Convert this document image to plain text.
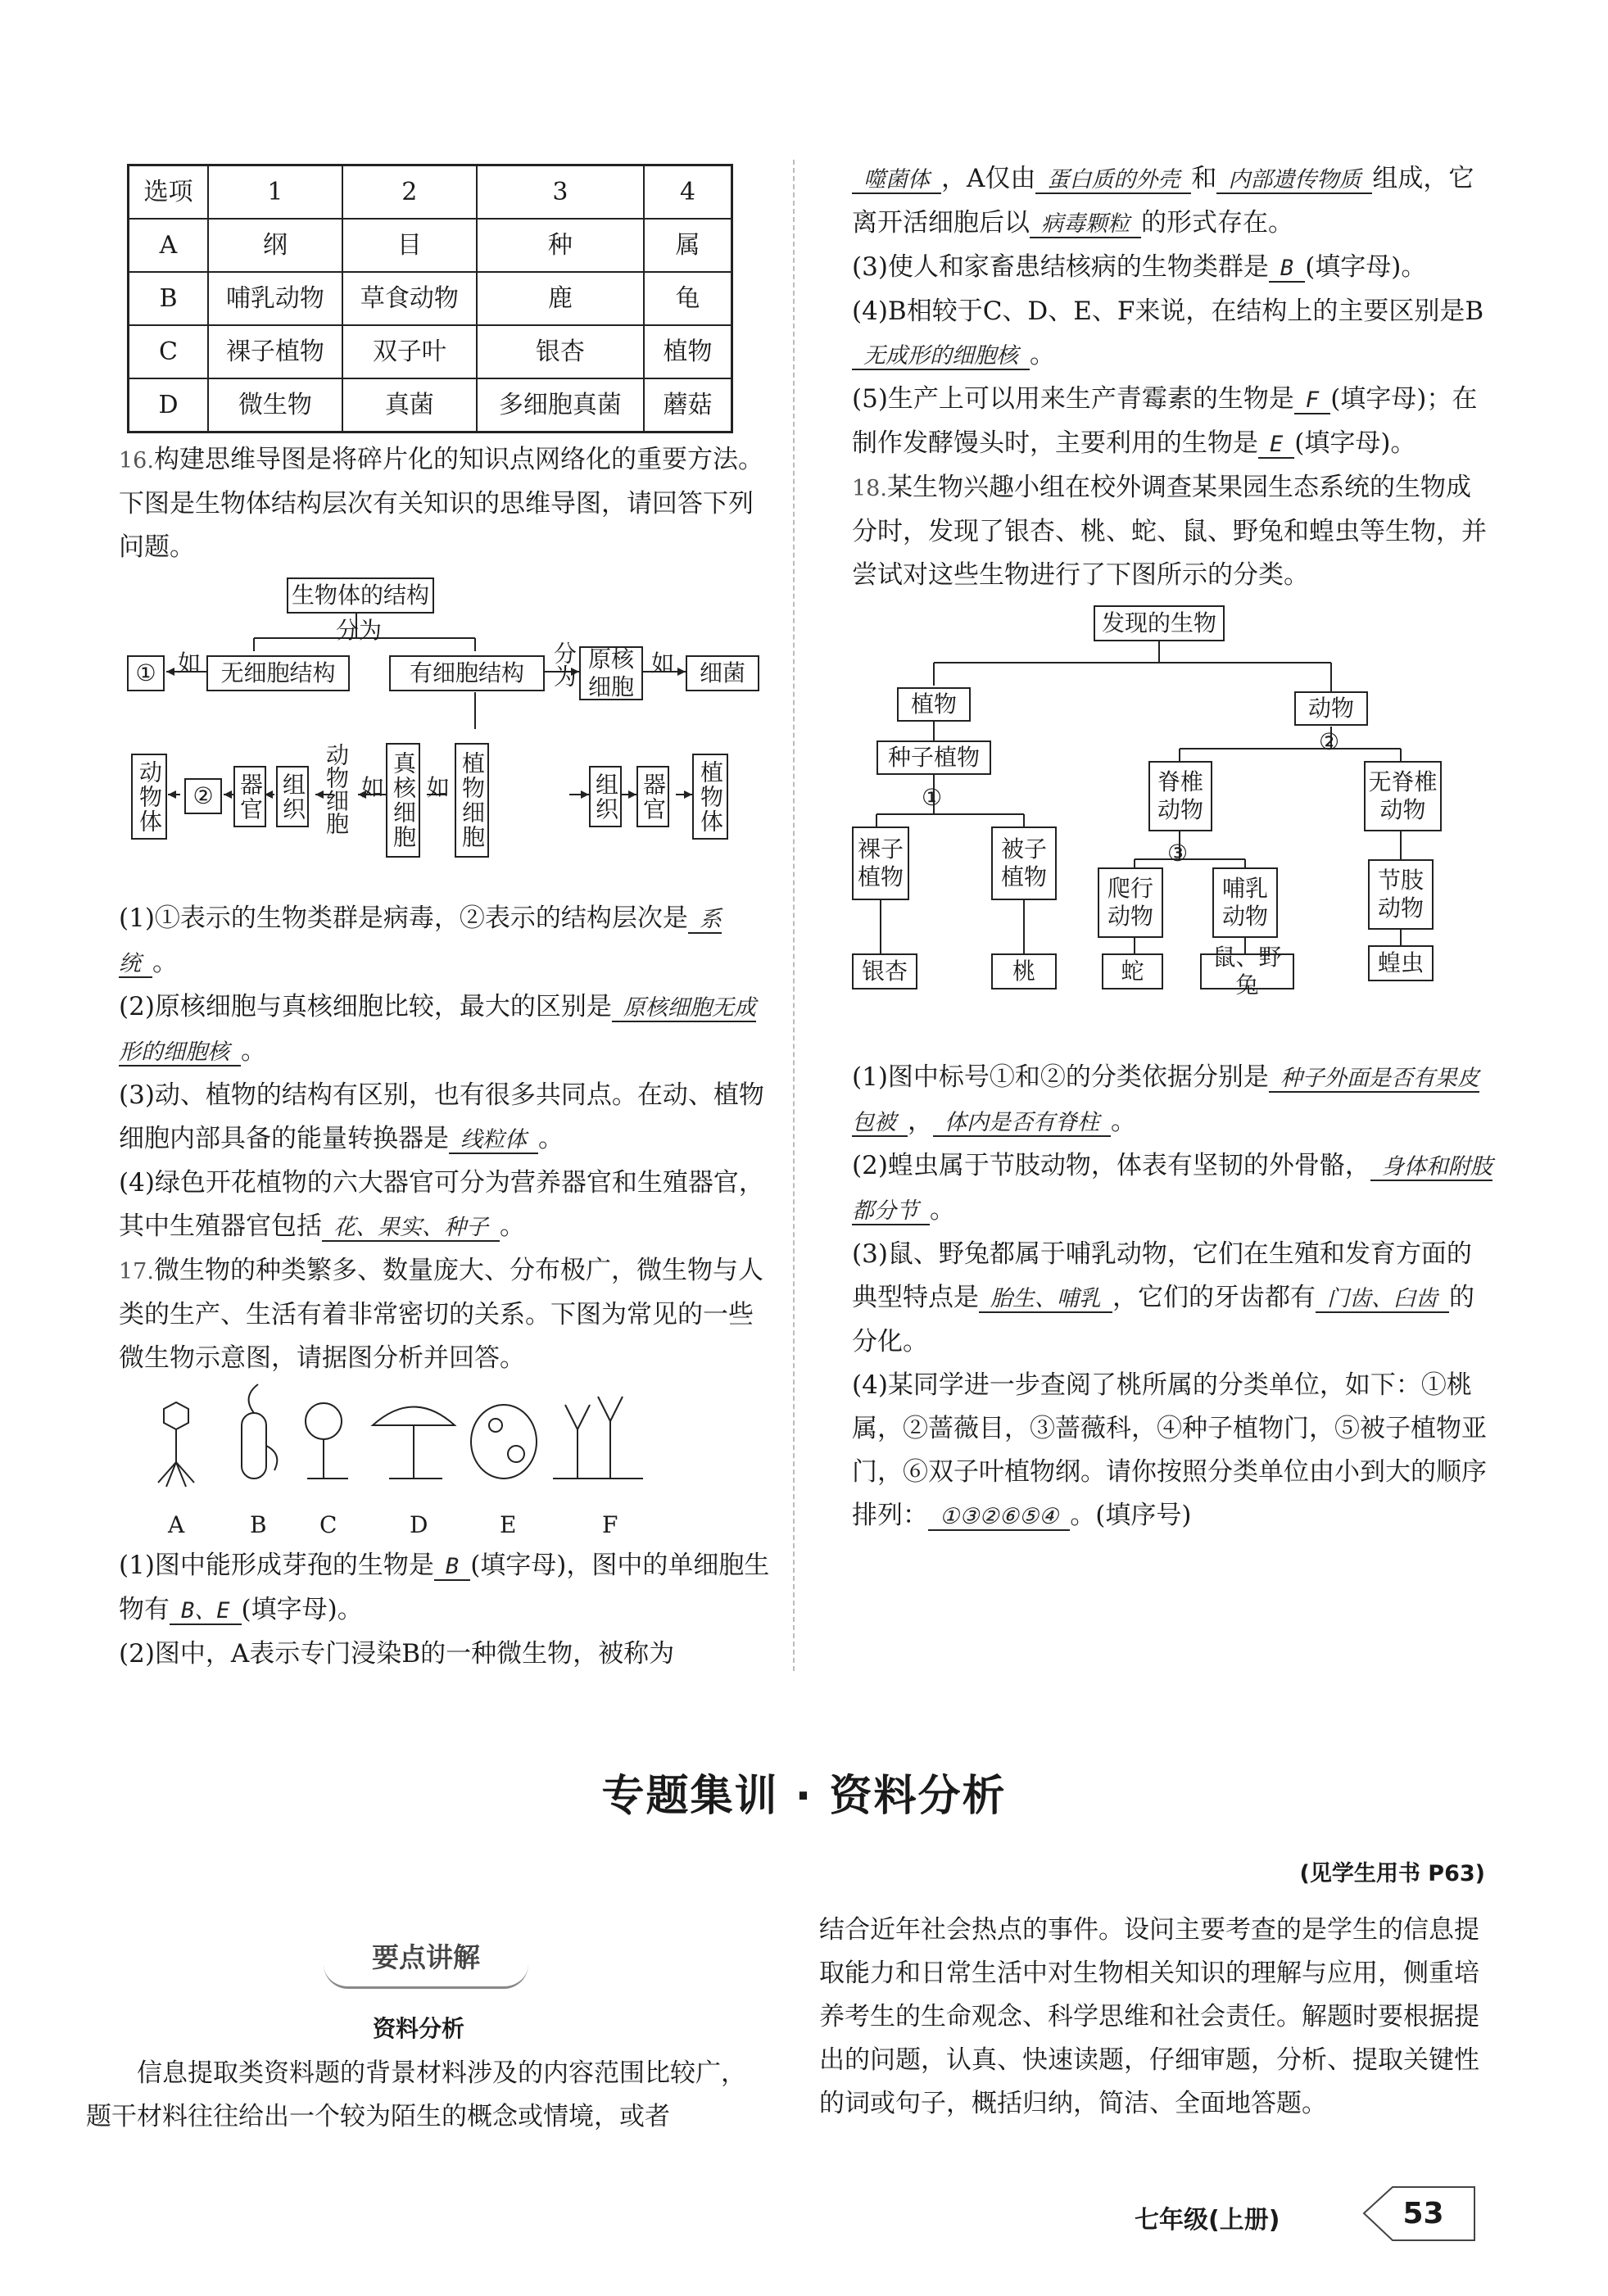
选项	1	2	3	4
A	纲	目	种	属
B	哺乳动物	草食动物	鹿	龟
C	裸子植物	双子叶	银杏	植物
D	微生物	真菌	多细胞真菌	蘑菇

16.构建思维导图是将碎片化的知识点网络化的重要方法。下图是生物体结构层次有关知识的思维导图，请回答下列问题。

生物体的结构
分为
① 如 无细胞结构	有细胞结构	分为 原核细胞
如	细菌
动物体	②	器官 组织 动物细胞 如 真核细胞 如 植物细胞	组织 器官 植物体

(1)①表示的生物类群是病毒，②表示的结构层次是 系统 。

(2)原核细胞与真核细胞比较，最大的区别是 原核细胞无成形的细胞核 。

(3)动、植物的结构有区别，也有很多共同点。在动、植物细胞内部具备的能量转换器是 线粒体 。

(4)绿色开花植物的六大器官可分为营养器官和生殖器官，其中生殖器官包括 花、果实、种子 。

17.微生物的种类繁多、数量庞大、分布极广，微生物与人类的生产、生活有着非常密切的关系。下图为常见的一些微生物示意图，请据图分析并回答。

A	B C	D	E	F

(1)图中能形成芽孢的生物是 B (填字母)，图中的单细胞生物有 B、E (填字母)。

(2)图中，A表示专门浸染B的一种微生物，被称为

噬菌体 ，A仅由 蛋白质的外壳 和 内部遗传物质 组成，它离开活细胞后以 病毒颗粒 的形式存在。

(3)使人和家畜患结核病的生物类群是 B (填字母)。

(4)B相较于C、D、E、F来说，在结构上的主要区别是B无成形的细胞核 。

(5)生产上可以用来生产青霉素的生物是 F (填字母)；在制作发酵馒头时，主要利用的生物是 E (填字母)。

18.某生物兴趣小组在校外调查某果园生态系统的生物成分时，发现了银杏、桃、蛇、鼠、野兔和蝗虫等生物，并尝试对这些生物进行了下图所示的分类。

发现的生物
植物	动物
②
种子植物
①
脊椎动物
③
无脊椎动物
裸子植物
被子植物	爬行动物
哺乳动物
节肢动物
银杏	桃	蛇
鼠、野兔
蝗虫

(1)图中标号①和②的分类依据分别是 种子外面是否有果皮包被 ， 体内是否有脊柱 。

(2)蝗虫属于节肢动物，体表有坚韧的外骨骼， 身体和附肢都分节 。

(3)鼠、野兔都属于哺乳动物，它们在生殖和发育方面的典型特点是 胎生、哺乳 ，它们的牙齿都有 门齿、臼齿 的分化。

(4)某同学进一步查阅了桃所属的分类单位，如下：①桃属，②蔷薇目，③蔷薇科，④种子植物门，⑤被子植物亚门，⑥双子叶植物纲。请你按照分类单位由小到大的顺序排列： ①③②⑥⑤④ 。(填序号)

专题集训 · 资料分析
(见学生用书 P63)
要点讲解
资料分析
信息提取类资料题的背景材料涉及的内容范围比较广，题干材料往往给出一个较为陌生的概念或情境，或者
结合近年社会热点的事件。设问主要考查的是学生的信息提取能力和日常生活中对生物相关知识的理解与应用，侧重培养考生的生命观念、科学思维和社会责任。解题时要根据提出的问题，认真、快速读题，仔细审题，分析、提取关键性的词或句子，概括归纳，简洁、全面地答题。
七年级(上册)	53
